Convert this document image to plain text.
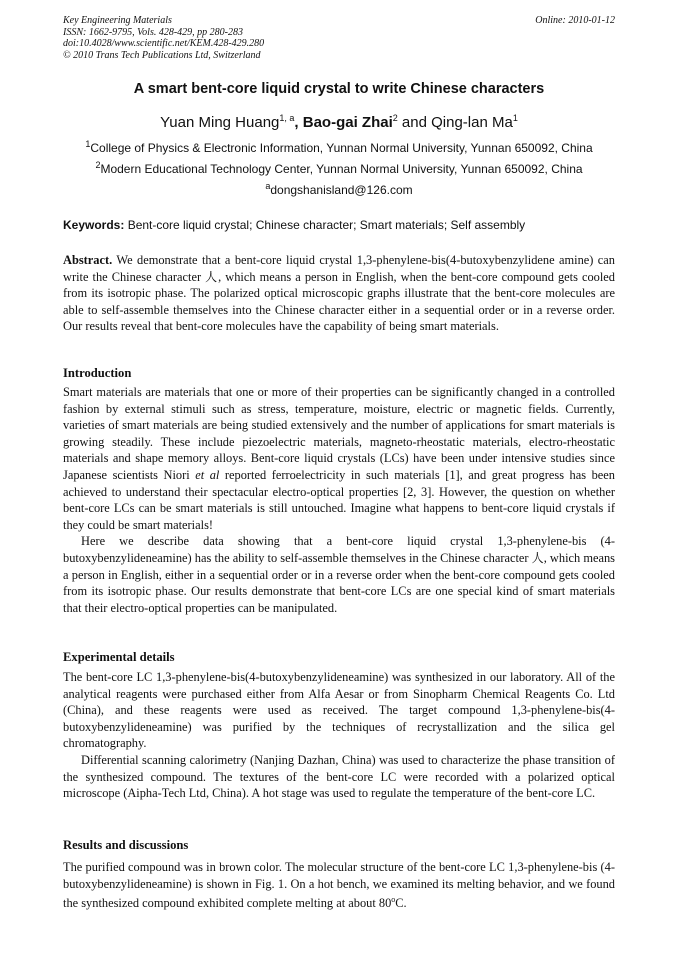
Key Engineering Materials
ISSN: 1662-9795, Vols. 428-429, pp 280-283
doi:10.4028/www.scientific.net/KEM.428-429.280
© 2010 Trans Tech Publications Ltd, Switzerland
Online: 2010-01-12
A smart bent-core liquid crystal to write Chinese characters
Yuan Ming Huang$^{1, a}$, Bao-gai Zhai$^2$ and Qing-lan Ma$^1$
$^1$College of Physics & Electronic Information, Yunnan Normal University, Yunnan 650092, China
$^2$Modern Educational Technology Center, Yunnan Normal University, Yunnan 650092, China
$^a$dongshanisland@126.com
Keywords: Bent-core liquid crystal; Chinese character; Smart materials; Self assembly

Abstract. We demonstrate that a bent-core liquid crystal 1,3-phenylene-bis(4-butoxybenzylidene amine) can write the Chinese character 人, which means a person in English, when the bent-core compound gets cooled from its isotropic phase. The polarized optical microscopic graphs illustrate that the bent-core molecules are able to self-assemble themselves into the Chinese character either in a sequential order or in a reverse order. Our results reveal that bent-core molecules have the capability of being smart materials.

Introduction

Smart materials are materials that one or more of their properties can be significantly changed in a controlled fashion by external stimuli such as stress, temperature, moisture, electric or magnetic fields. Currently, varieties of smart materials are being studied extensively and the number of applications for smart materials is growing steadily. These include piezoelectric materials, magneto-rheostatic materials, electro-rheostatic materials and shape memory alloys. Bent-core liquid crystals (LCs) have been under intensive studies since Japanese scientists Niori et al reported ferroelectricity in such materials [1], and great progress has been achieved to understand their spectacular electro-optical properties [2, 3]. However, the question on whether bent-core LCs can be smart materials is still untouched. Imagine what happens to bent-core liquid crystals if they could be smart materials!

Here we describe data showing that a bent-core liquid crystal 1,3-phenylene-bis (4-butoxybenzylideneamine) has the ability to self-assemble themselves in the Chinese character 人, which means a person in English, either in a sequential order or in a reverse order when the bent-core compound gets cooled from its isotropic phase. Our results demonstrate that bent-core LCs are one special kind of smart materials that their electro-optical properties can be manipulated.

Experimental details

The bent-core LC 1,3-phenylene-bis(4-butoxybenzylideneamine) was synthesized in our laboratory. All of the analytical reagents were purchased either from Alfa Aesar or from Sinopharm Chemical Reagents Co. Ltd (China), and these reagents were used as received. The target compound 1,3-phenylene-bis(4-butoxybenzylideneamine) was purified by the techniques of recrystallization and the silica gel chromatography.

Differential scanning calorimetry (Nanjing Dazhan, China) was used to characterize the phase transition of the synthesized compound. The textures of the bent-core LC were recorded with a polarized optical microscope (Aipha-Tech Ltd, China). A hot stage was used to regulate the temperature of the bent-core LC.

Results and discussions

The purified compound was in brown color. The molecular structure of the bent-core LC 1,3-phenylene-bis (4-butoxybenzylideneamine) is shown in Fig. 1. On a hot bench, we examined its melting behavior, and we found the synthesized compound exhibited complete melting at about 80$^o$C.
